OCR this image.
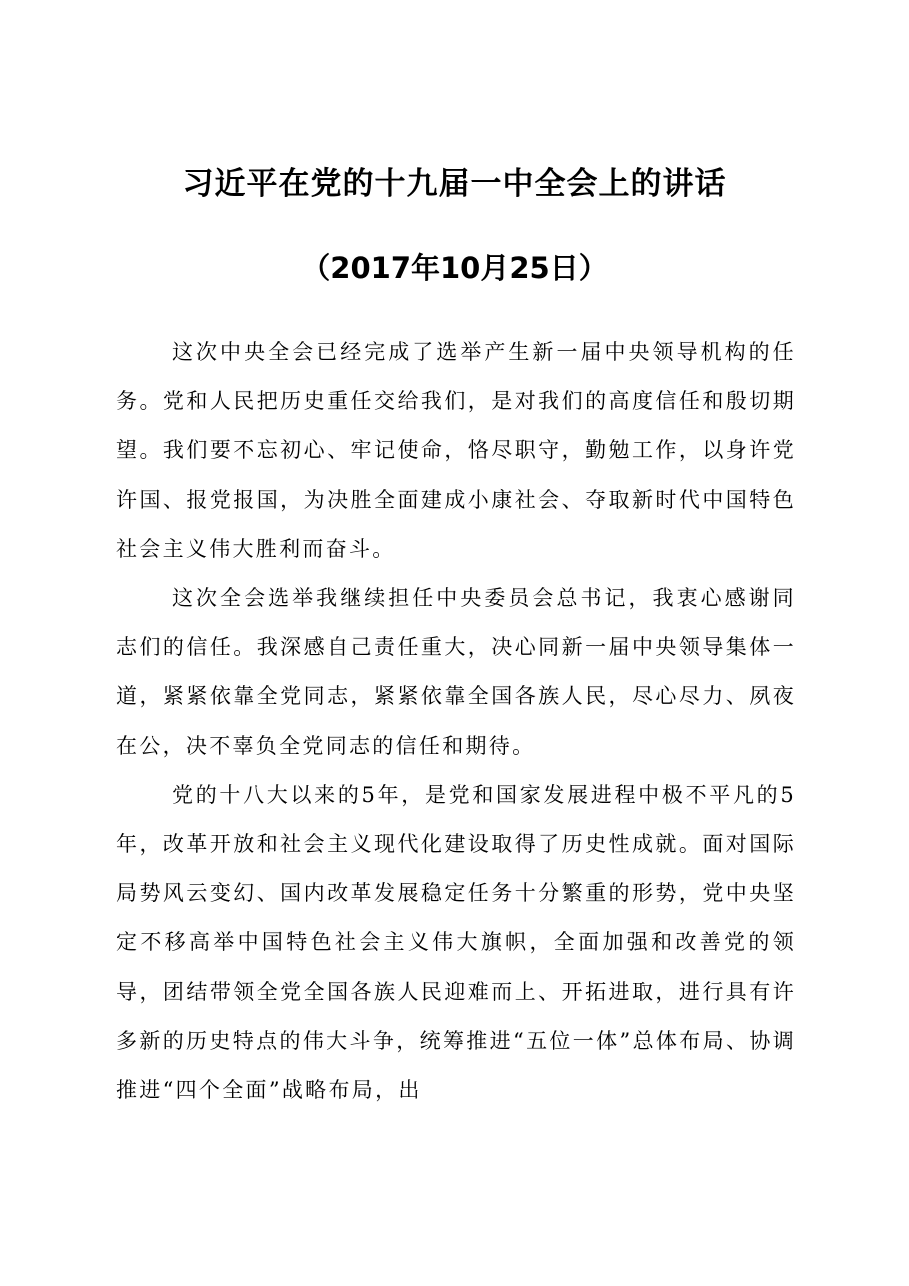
习近平在党的十九届一中全会上的讲话
（2017年10月25日）

这次中央全会已经完成了选举产生新一届中央领导机构的任务。党和人民把历史重任交给我们，是对我们的高度信任和殷切期望。我们要不忘初心、牢记使命，恪尽职守，勤勉工作，以身许党许国、报党报国，为决胜全面建成小康社会、夺取新时代中国特色社会主义伟大胜利而奋斗。

这次全会选举我继续担任中央委员会总书记，我衷心感谢同志们的信任。我深感自己责任重大，决心同新一届中央领导集体一道，紧紧依靠全党同志，紧紧依靠全国各族人民，尽心尽力、夙夜在公，决不辜负全党同志的信任和期待。

党的十八大以来的5年，是党和国家发展进程中极不平凡的5年，改革开放和社会主义现代化建设取得了历史性成就。面对国际局势风云变幻、国内改革发展稳定任务十分繁重的形势，党中央坚定不移高举中国特色社会主义伟大旗帜，全面加强和改善党的领导，团结带领全党全国各族人民迎难而上、开拓进取，进行具有许多新的历史特点的伟大斗争，统筹推进“五位一体”总体布局、协调推进“四个全面”战略布局，出
